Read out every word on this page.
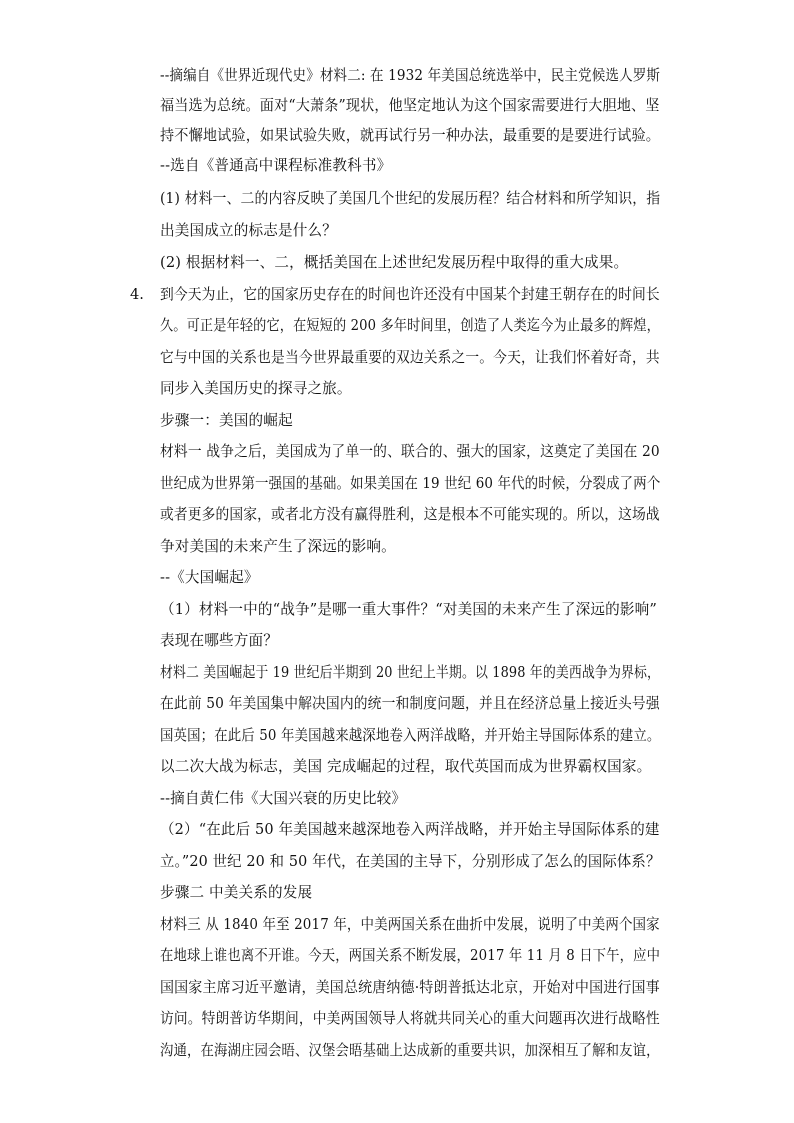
--摘编自《世界近现代史》材料二: 在 1932 年美国总统选举中，民主党候选人罗斯
福当选为总统。面对“大萧条”现状，他坚定地认为这个国家需要进行大胆地、坚
持不懈地试验，如果试验失败，就再试行另一种办法，最重要的是要进行试验。
--选自《普通高中课程标准教科书》
(1) 材料一、二的内容反映了美国几个世纪的发展历程？结合材料和所学知识，指
出美国成立的标志是什么？
(2) 根据材料一、二，概括美国在上述世纪发展历程中取得的重大成果。
4. 到今天为止，它的国家历史存在的时间也许还没有中国某个封建王朝存在的时间长
久。可正是年轻的它，在短短的 200 多年时间里，创造了人类迄今为止最多的辉煌，
它与中国的关系也是当今世界最重要的双边关系之一。今天，让我们怀着好奇，共
同步入美国历史的探寻之旅。
步骤一：美国的崛起
材料一 战争之后，美国成为了单一的、联合的、强大的国家，这奠定了美国在 20
世纪成为世界第一强国的基础。如果美国在 19 世纪 60 年代的时候，分裂成了两个
或者更多的国家，或者北方没有赢得胜利，这是根本不可能实现的。所以，这场战
争对美国的未来产生了深远的影响。
--《大国崛起》
（1）材料一中的“战争”是哪一重大事件？“对美国的未来产生了深远的影响”
表现在哪些方面？
材料二 美国崛起于 19 世纪后半期到 20 世纪上半期。以 1898 年的美西战争为界标，
在此前 50 年美国集中解决国内的统一和制度问题，并且在经济总量上接近头号强
国英国；在此后 50 年美国越来越深地卷入两洋战略，并开始主导国际体系的建立。
以二次大战为标志，美国 完成崛起的过程，取代英国而成为世界霸权国家。
--摘自黄仁伟《大国兴衰的历史比较》
（2）“在此后 50 年美国越来越深地卷入两洋战略，并开始主导国际体系的建
立。”20 世纪 20 和 50 年代，在美国的主导下，分别形成了怎么的国际体系？
步骤二 中美关系的发展
材料三 从 1840 年至 2017 年，中美两国关系在曲折中发展，说明了中美两个国家
在地球上谁也离不开谁。今天，两国关系不断发展，2017 年 11 月 8 日下午，应中
国国家主席习近平邀请，美国总统唐纳德·特朗普抵达北京，开始对中国进行国事
访问。特朗普访华期间，中美两国领导人将就共同关心的重大问题再次进行战略性
沟通，在海湖庄园会晤、汉堡会晤基础上达成新的重要共识，加深相互了解和友谊，
